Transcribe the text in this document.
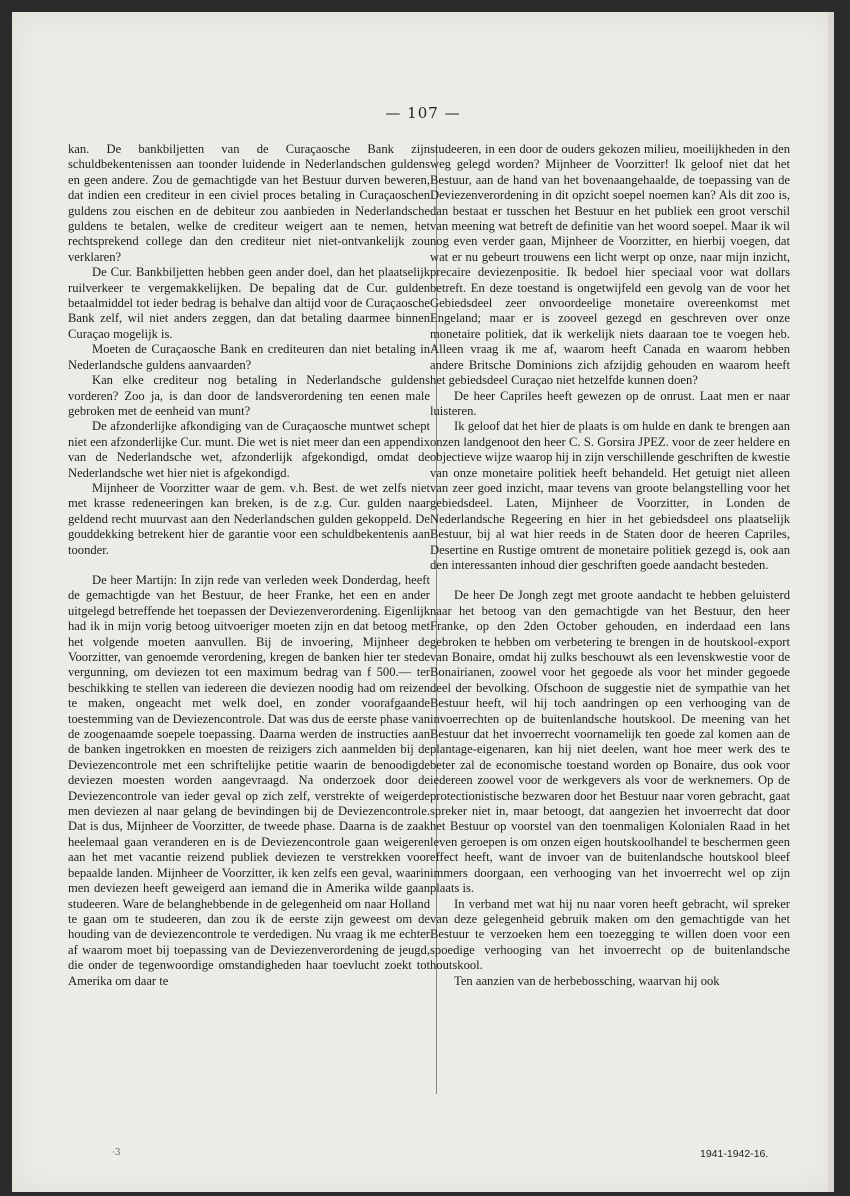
— 107 —

kan. De bankbiljetten van de Curaçaosche Bank zijn schuldbekentenissen aan toonder luidende in Nederlandschen guldens en geen andere. Zou de gemachtigde van het Bestuur durven beweren, dat indien een crediteur in een civiel proces betaling in Curaçaoschen guldens zou eischen en de debiteur zou aanbieden in Nederlandsche guldens te betalen, welke de crediteur weigert aan te nemen, het rechtsprekend college dan den crediteur niet niet-ontvankelijk zou verklaren?

De Cur. Bankbiljetten hebben geen ander doel, dan het plaatselijk ruilverkeer te vergemakkelijken. De bepaling dat de Cur. gulden betaalmiddel tot ieder bedrag is behalve dan altijd voor de Curaçaosche Bank zelf, wil niet anders zeggen, dan dat betaling daarmee binnen Curaçao mogelijk is.

Moeten de Curaçaosche Bank en crediteuren dan niet betaling in Nederlandsche guldens aanvaarden?

Kan elke crediteur nog betaling in Nederlandsche guldens vorderen? Zoo ja, is dan door de landsverordening ten eenen male gebroken met de eenheid van munt?

De afzonderlijke afkondiging van de Curaçaosche muntwet schept niet een afzonderlijke Cur. munt. Die wet is niet meer dan een appendix van de Nederlandsche wet, afzonderlijk afgekondigd, omdat de Nederlandsche wet hier niet is afgekondigd.

Mijnheer de Voorzitter waar de gem. v.h. Best. de wet zelfs niet met krasse redeneeringen kan breken, is de z.g. Cur. gulden naar geldend recht muurvast aan den Nederlandschen gulden gekoppeld. De gouddekking betrekent hier de garantie voor een schuldbekentenis aan toonder.

De heer Martijn: In zijn rede van verleden week Donderdag, heeft de gemachtigde van het Bestuur, de heer Franke, het een en ander uitgelegd betreffende het toepassen der Deviezenverordening. Eigenlijk had ik in mijn vorig betoog uitvoeriger moeten zijn en dat betoog met het volgende moeten aanvullen. Bij de invoering, Mijnheer de Voorzitter, van genoemde verordening, kregen de banken hier ter stede vergunning, om deviezen tot een maximum bedrag van f 500.— ter beschikking te stellen van iedereen die deviezen noodig had om reizen te maken, ongeacht met welk doel, en zonder voorafgaande toestemming van de Deviezencontrole. Dat was dus de eerste phase van de zoogenaamde soepele toepassing. Daarna werden de instructies aan de banken ingetrokken en moesten de reizigers zich aanmelden bij de Deviezencontrole met een schriftelijke petitie waarin de benoodigde deviezen moesten worden aangevraagd. Na onderzoek door de Deviezencontrole van ieder geval op zich zelf, verstrekte of weigerde men deviezen al naar gelang de bevindingen bij de Deviezencontrole. Dat is dus, Mijnheer de Voorzitter, de tweede phase. Daarna is de zaak heelemaal gaan veranderen en is de Deviezencontrole gaan weigeren aan het met vacantie reizend publiek deviezen te verstrekken voor bepaalde landen. Mijnheer de Voorzitter, ik ken zelfs een geval, waarin men deviezen heeft geweigerd aan iemand die in Amerika wilde gaan studeeren. Ware de belanghebbende in de gelegenheid om naar Holland te gaan om te studeeren, dan zou ik de eerste zijn geweest om de houding van de deviezencontrole te verdedigen. Nu vraag ik me echter af waarom moet bij toepassing van de Deviezenverordening de jeugd, die onder de tegenwoordige omstandigheden haar toevlucht zoekt tot Amerika om daar te

studeeren, in een door de ouders gekozen milieu, moeilijkheden in den weg gelegd worden? Mijnheer de Voorzitter! Ik geloof niet dat het Bestuur, aan de hand van het bovenaangehaalde, de toepassing van de Deviezenverordening in dit opzicht soepel noemen kan? Als dit zoo is, dan bestaat er tusschen het Bestuur en het publiek een groot verschil van meening wat betreft de definitie van het woord soepel. Maar ik wil nog even verder gaan, Mijnheer de Voorzitter, en hierbij voegen, dat wat er nu gebeurt trouwens een licht werpt op onze, naar mijn inzicht, precaire deviezenpositie. Ik bedoel hier speciaal voor wat dollars betreft. En deze toestand is ongetwijfeld een gevolg van de voor het Gebiedsdeel zeer onvoordeelige monetaire overeenkomst met Engeland; maar er is zooveel gezegd en geschreven over onze monetaire politiek, dat ik werkelijk niets daaraan toe te voegen heb. Alleen vraag ik me af, waarom heeft Canada en waarom hebben andere Britsche Dominions zich afzijdig gehouden en waarom heeft het gebiedsdeel Curaçao niet hetzelfde kunnen doen?

De heer Capriles heeft gewezen op de onrust. Laat men er naar luisteren.

Ik geloof dat het hier de plaats is om hulde en dank te brengen aan onzen landgenoot den heer C. S. Gorsira JPEZ. voor de zeer heldere en objectieve wijze waarop hij in zijn verschillende geschriften de kwestie van onze monetaire politiek heeft behandeld. Het getuigt niet alleen van zeer goed inzicht, maar tevens van groote belangstelling voor het gebiedsdeel. Laten, Mijnheer de Voorzitter, in Londen de Nederlandsche Regeering en hier in het gebiedsdeel ons plaatselijk Bestuur, bij al wat hier reeds in de Staten door de heeren Capriles, Desertine en Rustige omtrent de monetaire politiek gezegd is, ook aan den interessanten inhoud dier geschriften goede aandacht besteden.

De heer De Jongh zegt met groote aandacht te hebben geluisterd naar het betoog van den gemachtigde van het Bestuur, den heer Franke, op den 2den October gehouden, en inderdaad een lans gebroken te hebben om verbetering te brengen in de houtskool-export van Bonaire, omdat hij zulks beschouwt als een levenskwestie voor de Bonairianen, zoowel voor het gegoede als voor het minder gegoede deel der bevolking. Ofschoon de suggestie niet de sympathie van het Bestuur heeft, wil hij toch aandringen op een verhooging van de invoerrechten op de buitenlandsche houtskool. De meening van het Bestuur dat het invoerrecht voornamelijk ten goede zal komen aan de plantage-eigenaren, kan hij niet deelen, want hoe meer werk des te beter zal de economische toestand worden op Bonaire, dus ook voor iedereen zoowel voor de werkgevers als voor de werknemers. Op de protectionistische bezwaren door het Bestuur naar voren gebracht, gaat spreker niet in, maar betoogt, dat aangezien het invoerrecht dat door het Bestuur op voorstel van den toenmaligen Kolonialen Raad in het leven geroepen is om onzen eigen houtskoolhandel te beschermen geen effect heeft, want de invoer van de buitenlandsche houtskool bleef immers doorgaan, een verhooging van het invoerrecht wel op zijn plaats is.

In verband met wat hij nu naar voren heeft gebracht, wil spreker van deze gelegenheid gebruik maken om den gemachtigde van het Bestuur te verzoeken hem een toezegging te willen doen voor een spoedige verhooging van het invoerrecht op de buitenlandsche houtskool.

Ten aanzien van de herbebossching, waarvan hij ook

·3	1941-1942-16.
